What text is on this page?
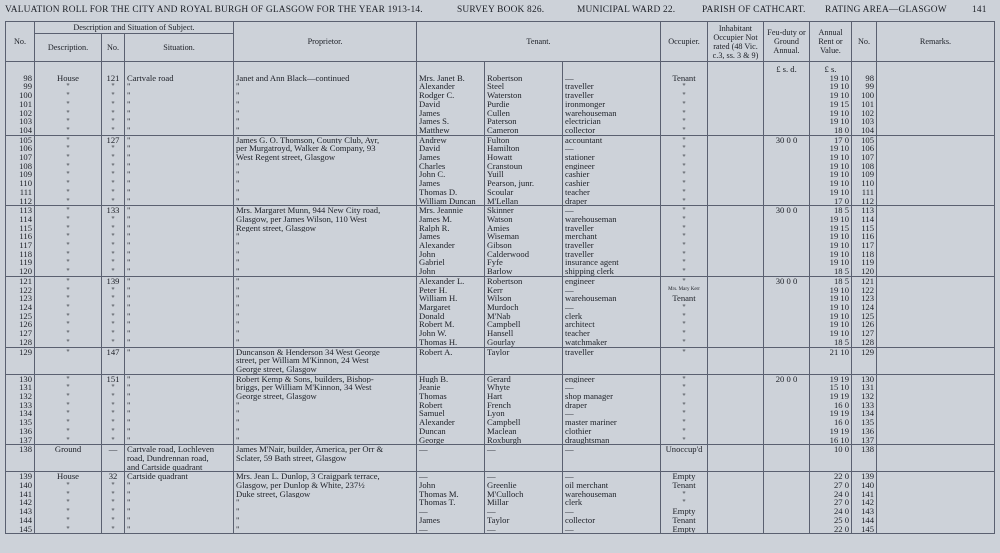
VALUATION ROLL FOR THE CITY AND ROYAL BURGH OF GLASGOW FOR THE YEAR 1913-14.	SURVEY BOOK 826.	MUNICIPAL WARD 22.	PARISH OF CATHCART. RATING AREA—GLASGOW	141
No.	Description and Situation of Subject.			Proprietor.	Tenant.			Occupier.	Inhabitant Occupier Not rated (48 Vic. c.3, ss. 3 & 9)	Feu-duty or Ground Annual.	Annual Rent or Value.	No.	Remarks.
	Description.	No.	Situation.										
										£ s. d.	£ s.		
98	House	121	Cartvale road	Janet and Ann Black—continued	Mrs. Janet B.	Robertson	—	Tenant			19 10	98	
99	"	"	"	"	Alexander	Steel	traveller	"			19 10	99	
100	"	"	"	"	Rodger C.	Waterston	traveller	"			19 10	100	
101	"	"	"	"	David	Purdie	ironmonger	"			19 15	101	
102	"	"	"	"	James	Cullen	warehouseman	"			19 10	102	
103	"	"	"	"	James S.	Paterson	electrician	"			19 10	103	
104	"	"	"	"	Matthew	Cameron	collector	"			18 0	104	
105	"	127	"	James G. O. Thomson, County Club, Ayr,	Andrew	Fulton	accountant	"		30 0 0	17 0	105	
106	"	"	"	per Murgatroyd, Walker & Company, 93	David	Hamilton	—	"			19 10	106	
107	"	"	"	West Regent street, Glasgow	James	Howatt	stationer	"			19 10	107	
108	"	"	"	"	Charles	Cranstoun	engineer	"			19 10	108	
109	"	"	"	"	John C.	Yuill	cashier	"			19 10	109	
110	"	"	"	"	James	Pearson, junr.	cashier	"			19 10	110	
111	"	"	"	"	Thomas D.	Scoular	teacher	"			19 10	111	
112	"	"	"	"	William Duncan	M'Lellan	draper	"			17 0	112	
113	"	133	"	Mrs. Margaret Munn, 944 New City road,	Mrs. Jeannie	Skinner	—	"		30 0 0	18 5	113	
114	"	"	"	Glasgow, per James Wilson, 110 West	James M.	Watson	warehouseman	"			19 10	114	
115	"	"	"	Regent street, Glasgow	Ralph R.	Amies	traveller	"			19 15	115	
116	"	"	"	"	James	Wiseman	merchant	"			19 10	116	
117	"	"	"	"	Alexander	Gibson	traveller	"			19 10	117	
118	"	"	"	"	John	Calderwood	traveller	"			19 10	118	
119	"	"	"	"	Gabriel	Fyfe	insurance agent	"			19 10	119	
120	"	"	"	"	John	Barlow	shipping clerk	"			18 5	120	
121	"	139	"	"	Alexander L.	Robertson	engineer	"		30 0 0	18 5	121	
122	"	"	"	"	Peter H.	Kerr	—	Mrs. Mary Kerr			19 10	122	
123	"	"	"	"	William H.	Wilson	warehouseman	Tenant			19 10	123	
124	"	"	"	"	Margaret	Murdoch	—	"			19 10	124	
125	"	"	"	"	Donald	M'Nab	clerk	"			19 10	125	
126	"	"	"	"	Robert M.	Campbell	architect	"			19 10	126	
127	"	"	"	"	John W.	Hansell	teacher	"			19 10	127	
128	"	"	"	"	Thomas H.	Gourlay	watchmaker	"			18 5	128	
129	"	147	"	Duncanson & Henderson 34 West George	Robert A.	Taylor	traveller	"			21 10	129	
				street, per William M'Kinnon, 24 West									
				George street, Glasgow									
130	"	151	"	Robert Kemp & Sons, builders, Bishop-	Hugh B.	Gerard	engineer	"		20 0 0	19 19	130	
131	"	"	"	briggs, per William M'Kinnon, 34 West	Jeanie	Whyte	—	"			15 10	131	
132	"	"	"	George street, Glasgow	Thomas	Hart	shop manager	"			19 19	132	
133	"	"	"	"	Robert	French	draper	"			16 0	133	
134	"	"	"	"	Samuel	Lyon	—	"			19 19	134	
135	"	"	"	"	Alexander	Campbell	master mariner	"			16 0	135	
136	"	"	"	"	Duncan	Maclean	clothier	"			19 19	136	
137	"	"	"	"	George	Roxburgh	draughtsman	"			16 10	137	
138	Ground	—	Cartvale road, Lochleven	James M'Nair, builder, America, per Orr &	—	—	—	Unoccup'd			10 0	138	
			road, Dundrennan road,	Sclater, 59 Bath street, Glasgow									
			and Cartside quadrant										
139	House	32	Cartside quadrant	Mrs. Jean L. Dunlop, 3 Craigpark terrace,	—	—	—	Empty			22 0	139	
140	"	"	"	Glasgow, per Dunlop & White, 237½	John	Greenlie	oil merchant	Tenant			27 0	140	
141	"	"	"	Duke street, Glasgow	Thomas M.	M'Culloch	warehouseman	"			24 0	141	
142	"	"	"	"	Thomas T.	Millar	clerk	"			27 0	142	
143	"	"	"	"	—	—	—	Empty			24 0	143	
144	"	"	"	"	James	Taylor	collector	Tenant			25 0	144	
145	"	"	"	"	—	—	—	Empty			22 0	145	
